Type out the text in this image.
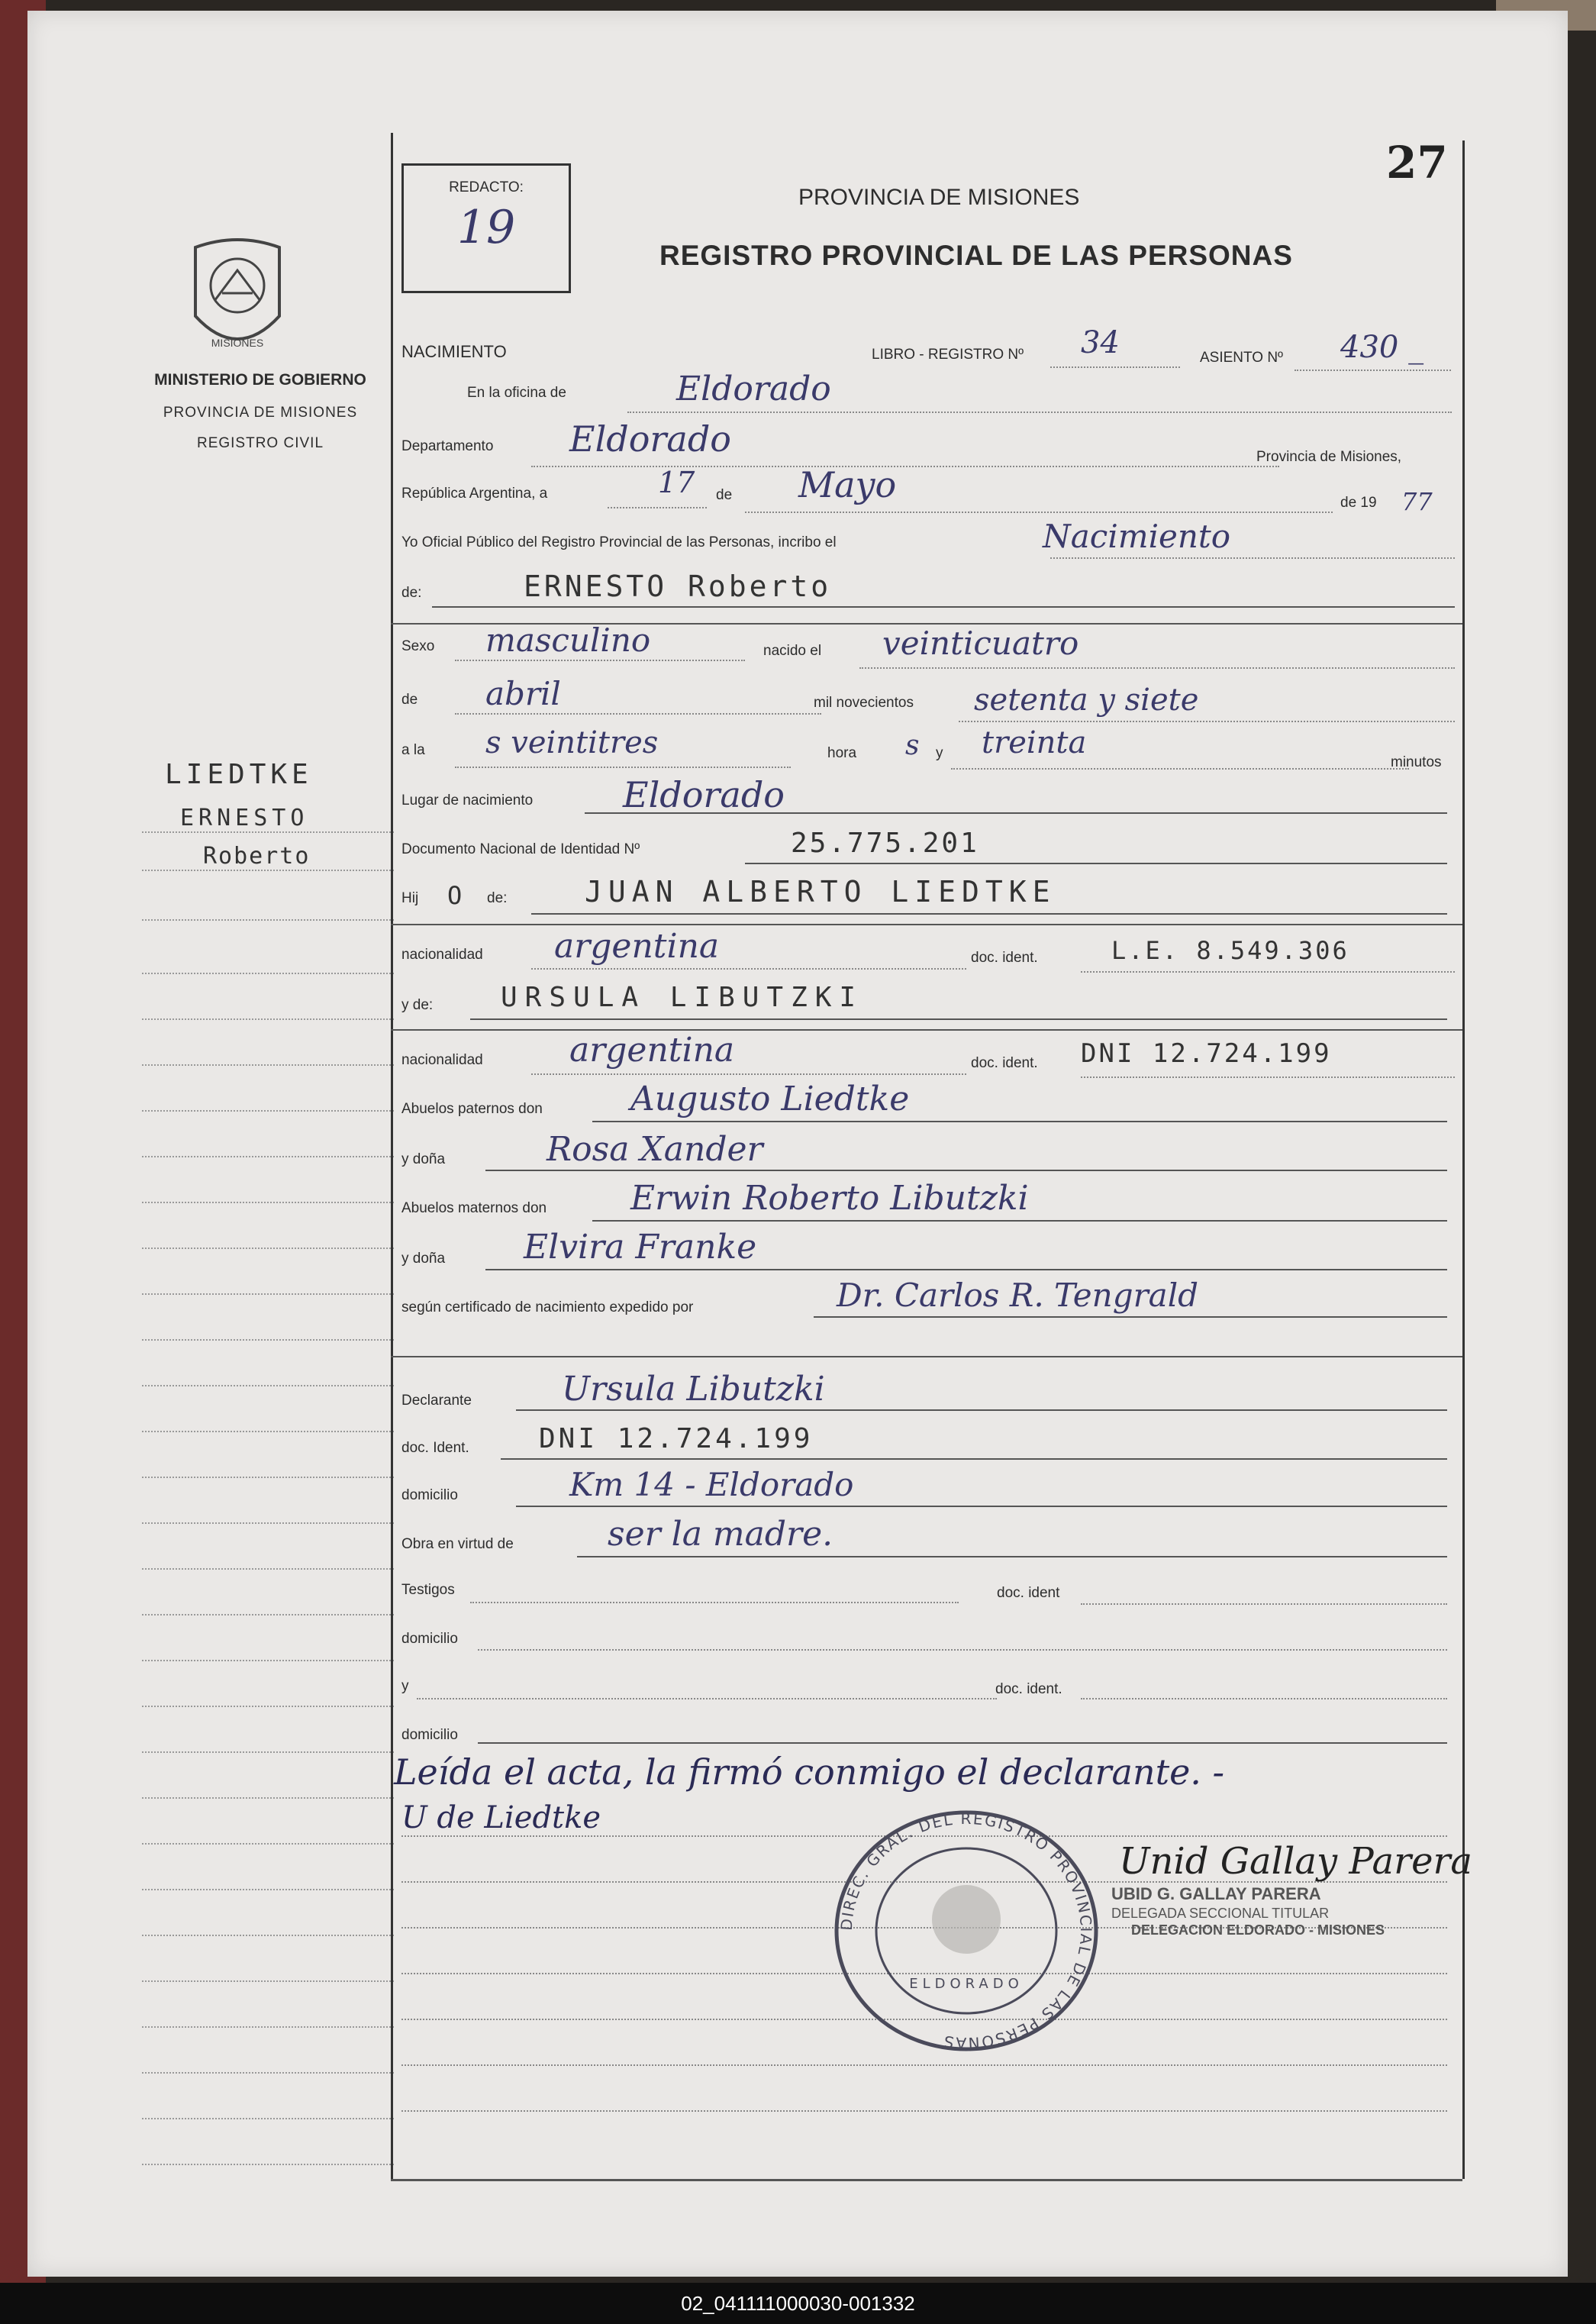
MISIONES
MINISTERIO DE GOBIERNO
PROVINCIA DE MISIONES
REGISTRO CIVIL
LIEDTKE
ERNESTO
Roberto
27
REDACTO:
19
PROVINCIA DE MISIONES
REGISTRO PROVINCIAL DE LAS PERSONAS
NACIMIENTO	LIBRO - REGISTRO Nº 34	ASIENTO Nº 430 _
En la oficina de	Eldorado
Departamento Eldorado	Provincia de Misiones,
República Argentina, a	17 de Mayo	de 19 77
Yo Oficial Público del Registro Provincial de las Personas, incribo el	Nacimiento
de:	ERNESTO Roberto
Sexo masculino	nacido el veinticuatro
de abril	mil novecientos setenta y siete
a la s veintitres	hora s y treinta
minutos
Lugar de nacimiento	Eldorado
Documento Nacional de Identidad Nº	25.775.201
Hij O de:	JUAN ALBERTO LIEDTKE
nacionalidad argentina	doc. ident.	L.E. 8.549.306
y de: URSULA LIBUTZKI
nacionalidad	argentina	doc. ident. DNI 12.724.199
Abuelos paternos don	Augusto Liedtke
y doña	Rosa Xander
Abuelos maternos don Erwin Roberto Libutzki
y doña Elvira Franke
según certificado de nacimiento expedido por	Dr. Carlos R. Tengrald
Declarante	Ursula Libutzki
doc. Ident.	DNI 12.724.199
domicilio	Km 14 - Eldorado
Obra en virtud de	ser la madre.
Testigos	doc. ident
domicilio
y	doc. ident.
domicilio
Leída el acta, la firmó conmigo el declarante. -
U de Liedtke
DIREC. GRAL. DEL REGISTRO PROVINCIAL DE LAS PERSONAS
ELDORADO
Unid Gallay Parera
UBID G. GALLAY PARERA
DELEGADA SECCIONAL TITULAR
DELEGACION ELDORADO - MISIONES
02_041111000030-001332
